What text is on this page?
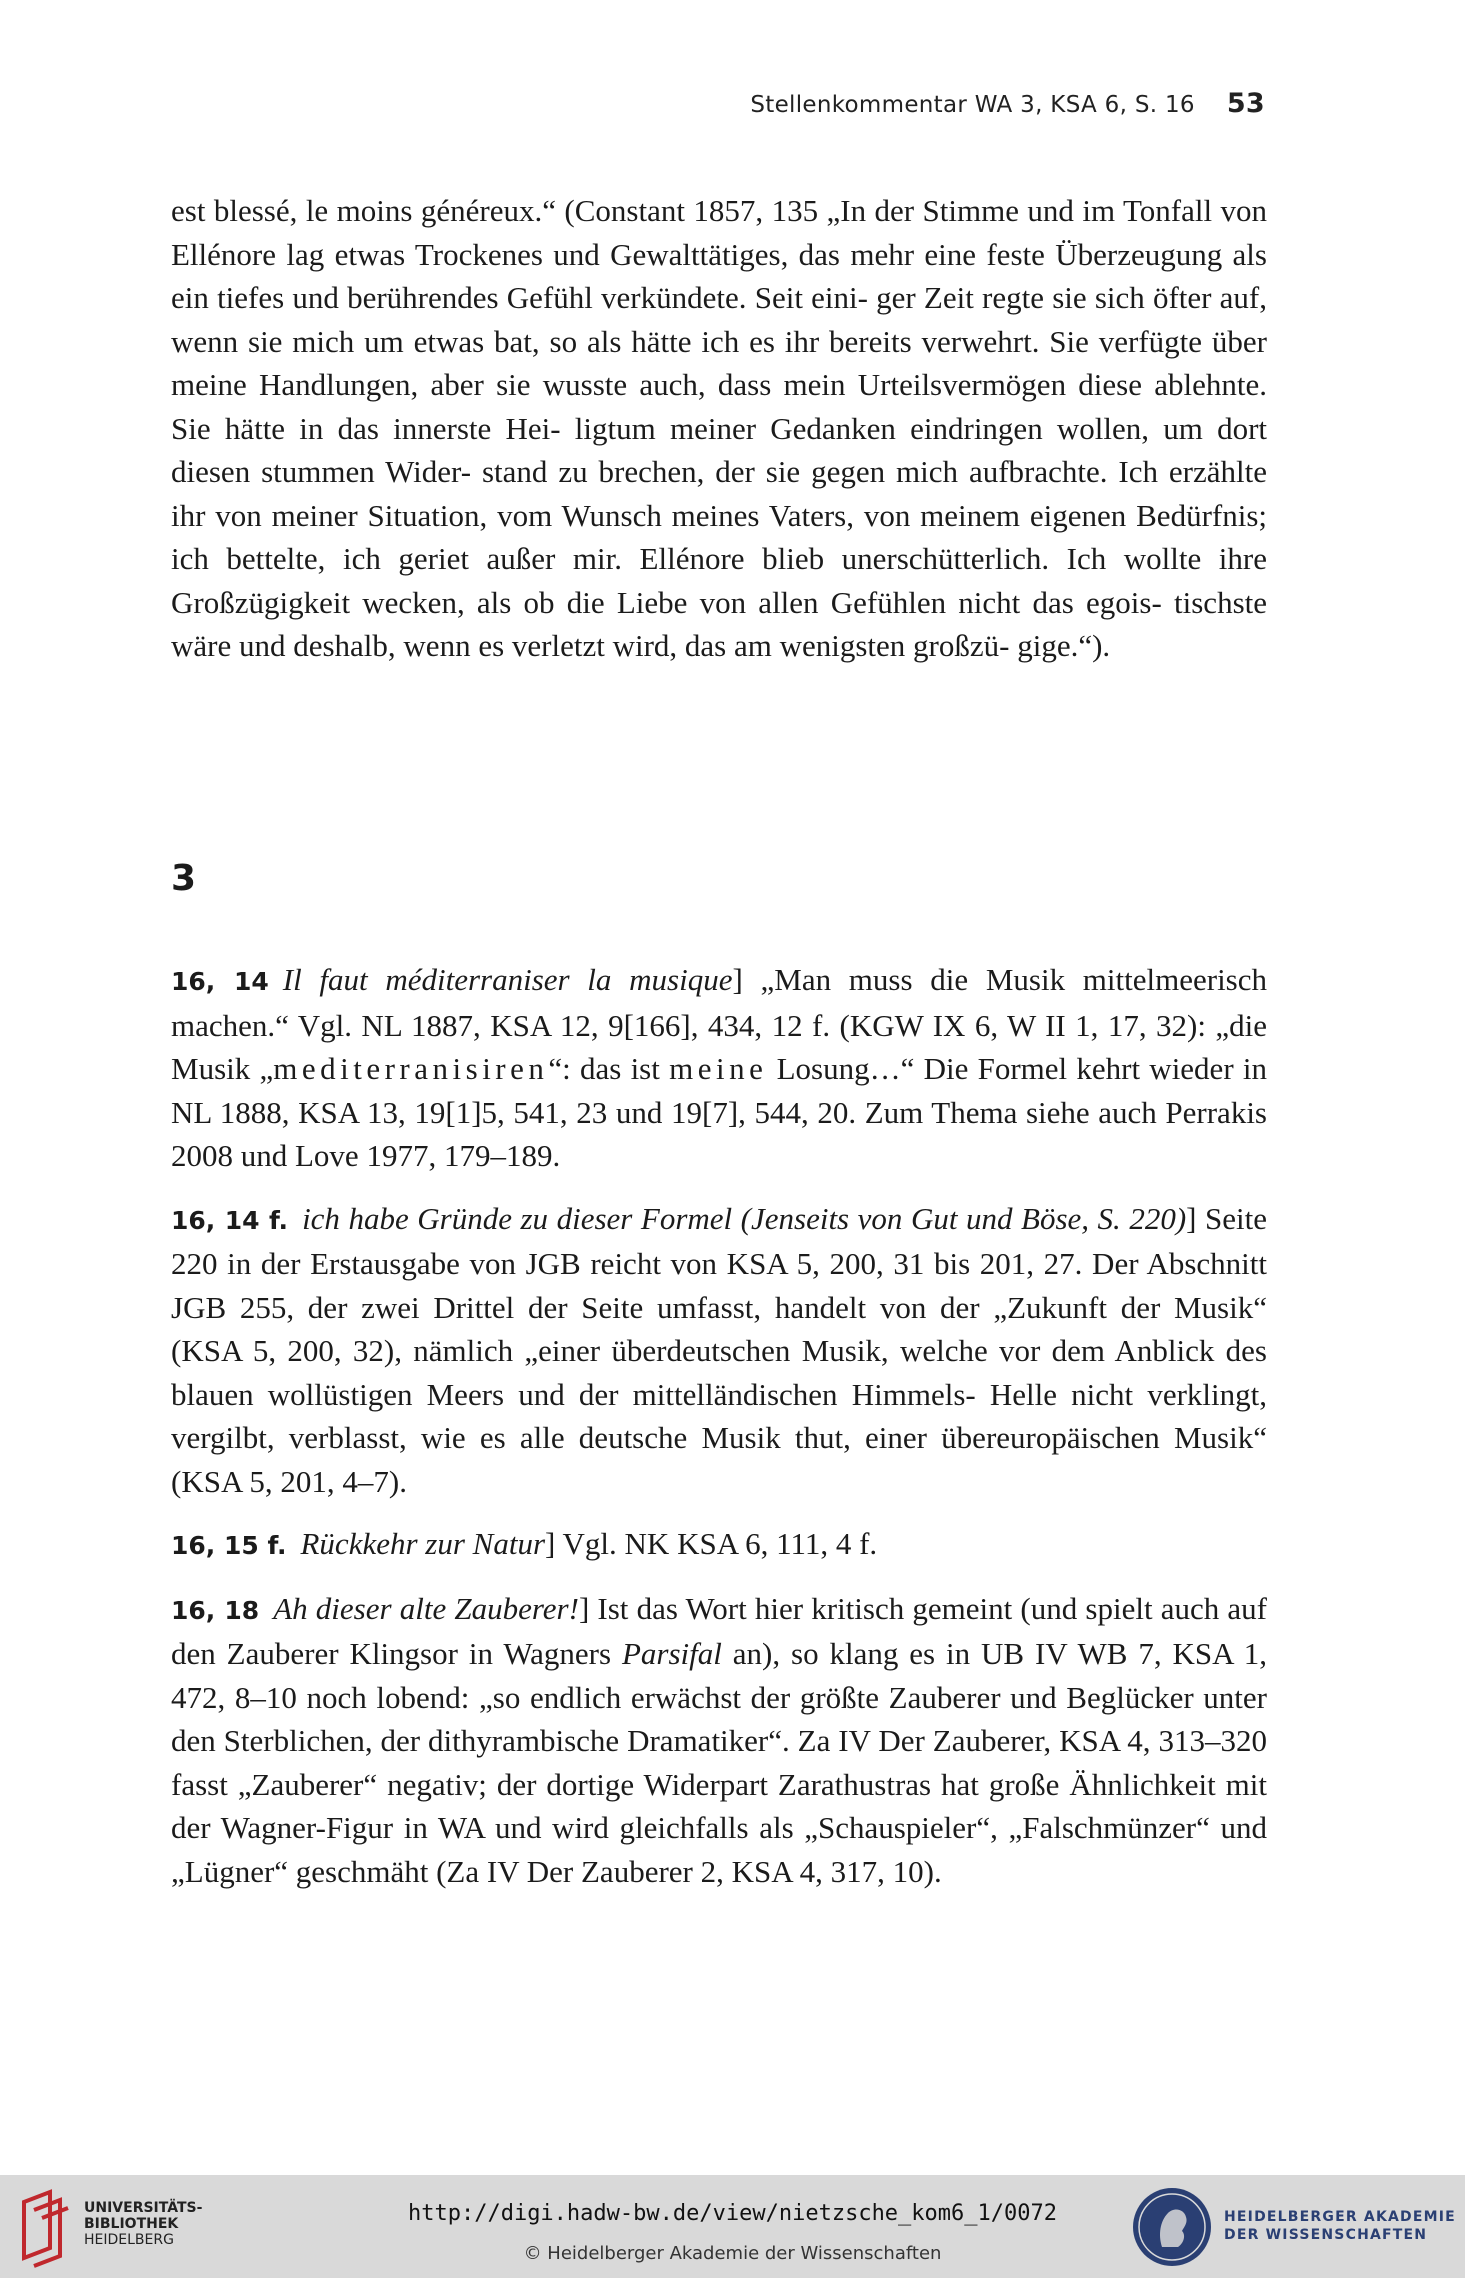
Stellenkommentar WA 3, KSA 6, S. 16 53
est blessé, le moins généreux.“ (Constant 1857, 135 „In der Stimme und im Tonfall von Ellénore lag etwas Trockenes und Gewalttätiges, das mehr eine feste Überzeugung als ein tiefes und berührendes Gefühl verkündete. Seit eini- ger Zeit regte sie sich öfter auf, wenn sie mich um etwas bat, so als hätte ich es ihr bereits verwehrt. Sie verfügte über meine Handlungen, aber sie wusste auch, dass mein Urteilsvermögen diese ablehnte. Sie hätte in das innerste Hei- ligtum meiner Gedanken eindringen wollen, um dort diesen stummen Wider- stand zu brechen, der sie gegen mich aufbrachte. Ich erzählte ihr von meiner Situation, vom Wunsch meines Vaters, von meinem eigenen Bedürfnis; ich bettelte, ich geriet außer mir. Ellénore blieb unerschütterlich. Ich wollte ihre Großzügigkeit wecken, als ob die Liebe von allen Gefühlen nicht das egois- tischste wäre und deshalb, wenn es verletzt wird, das am wenigsten großzü- gige.“).
3
16, 14 Il faut méditerraniser la musique] „Man muss die Musik mittelmeerisch machen.“ Vgl. NL 1887, KSA 12, 9[166], 434, 12 f. (KGW IX 6, W II 1, 17, 32): „die Musik „mediterranisiren“: das ist meine Losung…“ Die Formel kehrt wieder in NL 1888, KSA 13, 19[1]5, 541, 23 und 19[7], 544, 20. Zum Thema siehe auch Perrakis 2008 und Love 1977, 179–189.
16, 14 f. ich habe Gründe zu dieser Formel (Jenseits von Gut und Böse, S. 220)] Seite 220 in der Erstausgabe von JGB reicht von KSA 5, 200, 31 bis 201, 27. Der Abschnitt JGB 255, der zwei Drittel der Seite umfasst, handelt von der „Zukunft der Musik“ (KSA 5, 200, 32), nämlich „einer überdeutschen Musik, welche vor dem Anblick des blauen wollüstigen Meers und der mittelländischen Himmels- Helle nicht verklingt, vergilbt, verblasst, wie es alle deutsche Musik thut, einer übereuropäischen Musik“ (KSA 5, 201, 4–7).
16, 15 f. Rückkehr zur Natur] Vgl. NK KSA 6, 111, 4 f.
16, 18 Ah dieser alte Zauberer!] Ist das Wort hier kritisch gemeint (und spielt auch auf den Zauberer Klingsor in Wagners Parsifal an), so klang es in UB IV WB 7, KSA 1, 472, 8–10 noch lobend: „so endlich erwächst der größte Zauberer und Beglücker unter den Sterblichen, der dithyrambische Dramatiker“. Za IV Der Zauberer, KSA 4, 313–320 fasst „Zauberer“ negativ; der dortige Widerpart Zarathustras hat große Ähnlichkeit mit der Wagner-Figur in WA und wird gleichfalls als „Schauspieler“, „Falschmünzer“ und „Lügner“ geschmäht (Za IV Der Zauberer 2, KSA 4, 317, 10).
UNIVERSITÄTS-
BIBLIOTHEK
HEIDELBERG
http://digi.hadw-bw.de/view/nietzsche_kom6_1/0072
© Heidelberger Akademie der Wissenschaften
HEIDELBERGER AKADEMIE
DER WISSENSCHAFTEN
